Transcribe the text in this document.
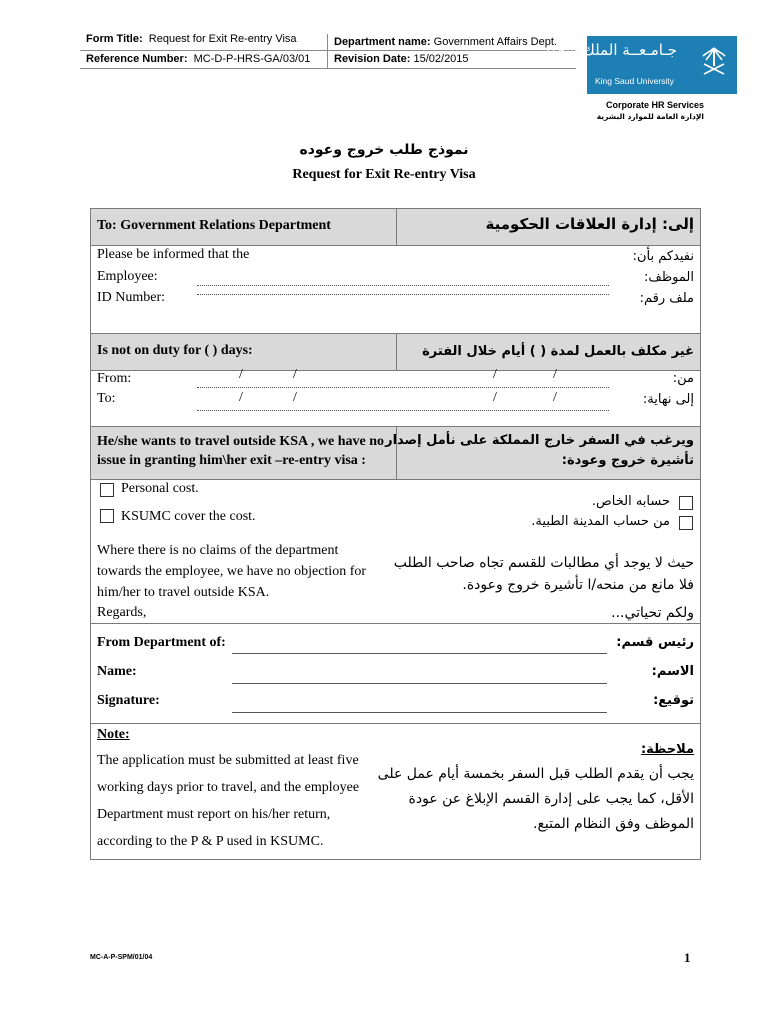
Form Title: Request for Exit Re-entry Visa	Department name: Government Affairs Dept.
Reference Number: MC-D-P-HRS-GA/03/01 Revision Date: 15/02/2015	جـامـعــة الملك سعود
King Saud University
Corporate HR Services
الإدارة العامة للموارد البشرية
نموذج طلب خروج وعوده
Request for Exit Re-entry Visa
To: Government Relations Department	إلى: إدارة العلاقات الحكومية
Please be informed that the	نفيدكم بأن:
Employee:	الموظف:
ID Number:	ملف رقم:
Is not on duty for ( ) days:	غير مكلف بالعمل لمدة ( ) أيام خلال الفترة
From:	من:
/	/	/	/
To:	إلى نهاية:
/	/	/	/
He/she wants to travel outside KSA , we have no
issue in granting him\her exit –re-entry visa :
ويرغب في السفر خارج المملكة على نأمل إصدار
تأشيرة خروج وعودة:
Personal cost.
KSUMC cover the cost.
حسابه الخاص.
من حساب المدينة الطبية.
Where there is no claims of the department
towards the employee, we have no objection for
him/her to travel outside KSA.
Regards,
حيث لا يوجد أي مطالبات للقسم تجاه صاحب الطلب
فلا مانع من منحه/ا تأشيرة خروج وعودة.
ولكم تحياتي...
From Department of:	رئيس قسم:
Name:	الاسم:
Signature:	توقيع:
Note:
The application must be submitted at least five
working days prior to travel, and the employee
Department must report on his/her return,
according to the P & P used in KSUMC.
ملاحظة:
يجب أن يقدم الطلب قبل السفر بخمسة أيام عمل على
الأقل، كما يجب على إدارة القسم الإبلاغ عن عودة
الموظف وفق النظام المتبع.
MC-A-P-SPM/01/04	1
